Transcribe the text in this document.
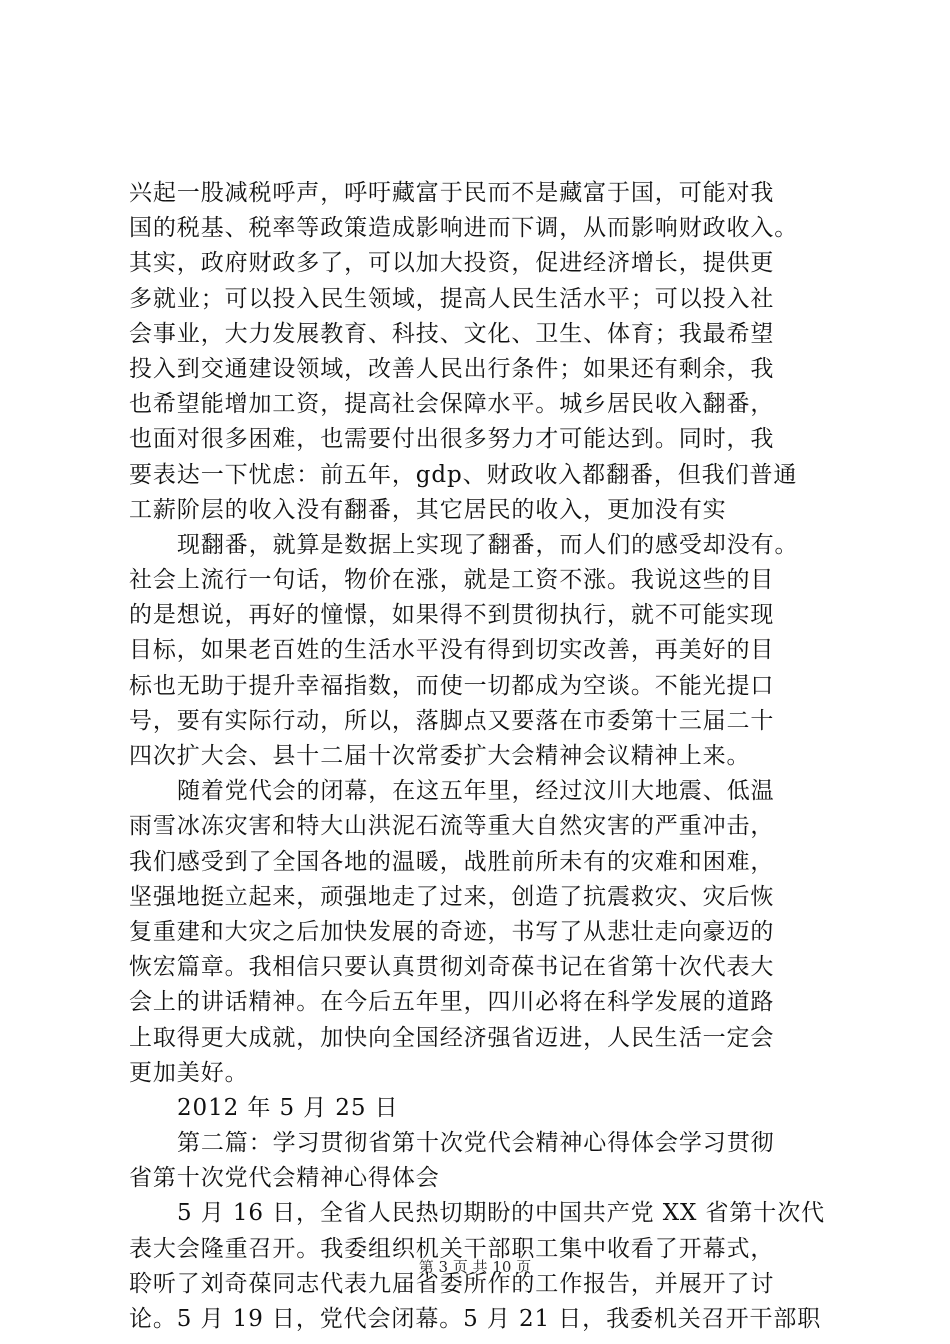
兴起一股减税呼声，呼吁藏富于民而不是藏富于国，可能对我
国的税基、税率等政策造成影响进而下调，从而影响财政收入。
其实，政府财政多了，可以加大投资，促进经济增长，提供更
多就业；可以投入民生领域，提高人民生活水平；可以投入社
会事业，大力发展教育、科技、文化、卫生、体育；我最希望
投入到交通建设领域，改善人民出行条件；如果还有剩余，我
也希望能增加工资，提高社会保障水平。城乡居民收入翻番，
也面对很多困难，也需要付出很多努力才可能达到。同时，我
要表达一下忧虑：前五年，gdp、财政收入都翻番，但我们普通
工薪阶层的收入没有翻番，其它居民的收入，更加没有实
现翻番，就算是数据上实现了翻番，而人们的感受却没有。
社会上流行一句话，物价在涨，就是工资不涨。我说这些的目
的是想说，再好的憧憬，如果得不到贯彻执行，就不可能实现
目标，如果老百姓的生活水平没有得到切实改善，再美好的目
标也无助于提升幸福指数，而使一切都成为空谈。不能光提口
号，要有实际行动，所以，落脚点又要落在市委第十三届二十
四次扩大会、县十二届十次常委扩大会精神会议精神上来。
随着党代会的闭幕，在这五年里，经过汶川大地震、低温
雨雪冰冻灾害和特大山洪泥石流等重大自然灾害的严重冲击，
我们感受到了全国各地的温暖，战胜前所未有的灾难和困难，
坚强地挺立起来，顽强地走了过来，创造了抗震救灾、灾后恢
复重建和大灾之后加快发展的奇迹，书写了从悲壮走向豪迈的
恢宏篇章。我相信只要认真贯彻刘奇葆书记在省第十次代表大
会上的讲话精神。在今后五年里，四川必将在科学发展的道路
上取得更大成就，加快向全国经济强省迈进，人民生活一定会
更加美好。
2012 年 5 月 25 日
第二篇：学习贯彻省第十次党代会精神心得体会学习贯彻
省第十次党代会精神心得体会
5 月 16 日，全省人民热切期盼的中国共产党 XX 省第十次代
表大会隆重召开。我委组织机关干部职工集中收看了开幕式，
聆听了刘奇葆同志代表九届省委所作的工作报告，并展开了讨
论。5 月 19 日，党代会闭幕。5 月 21 日，我委机关召开干部职
第 3 页 共 10 页
